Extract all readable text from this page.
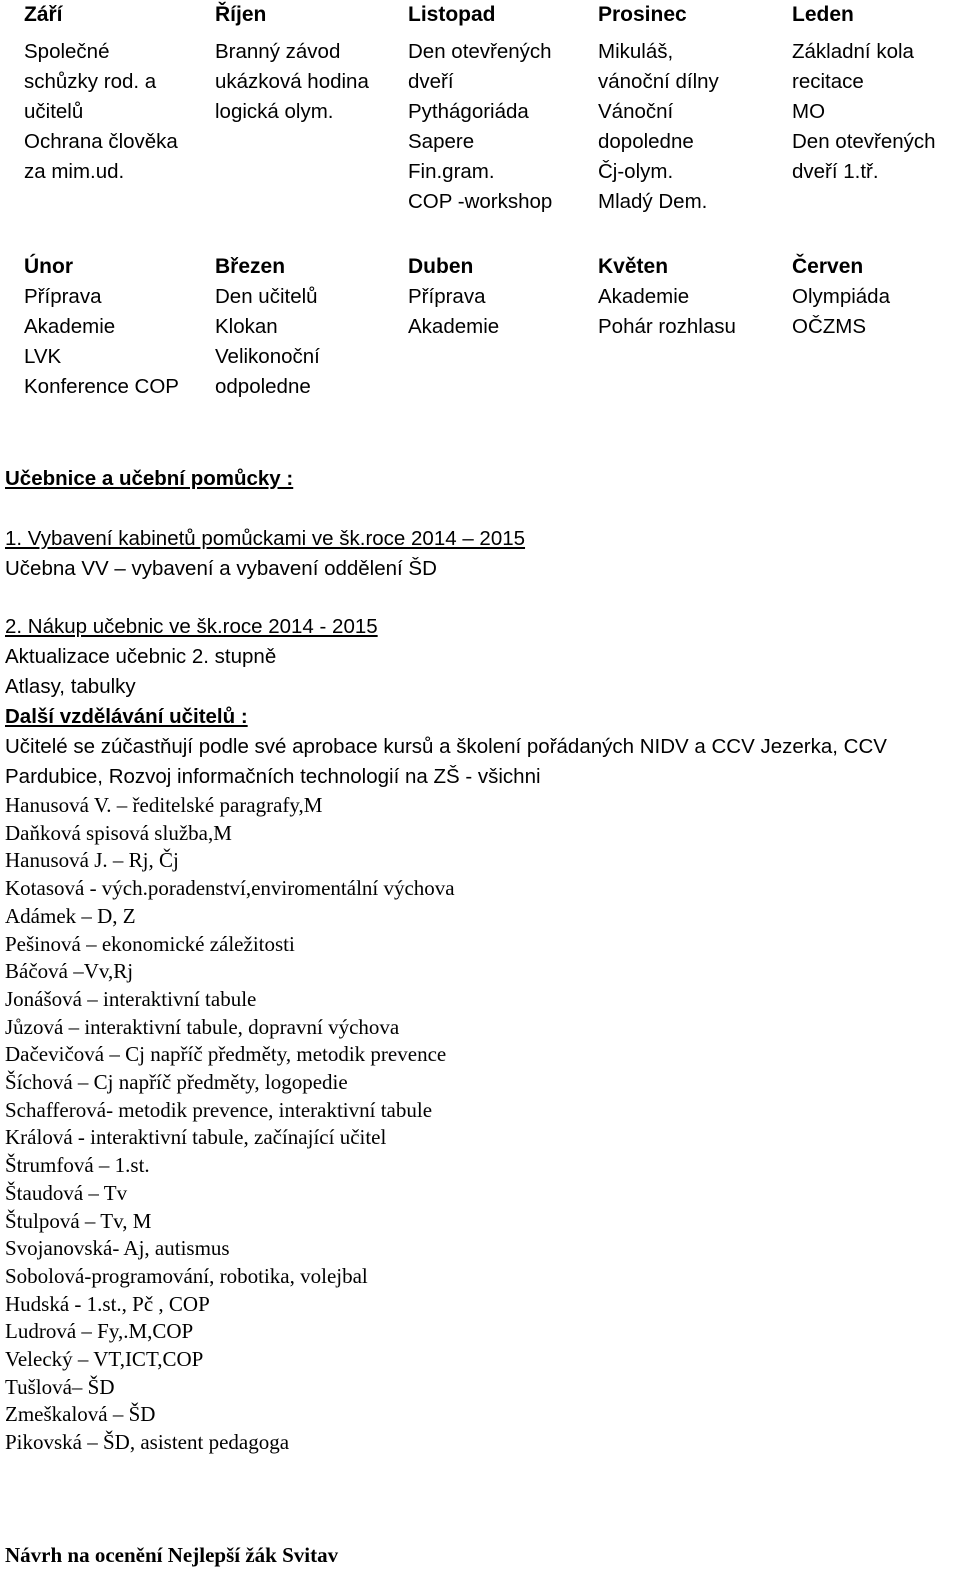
Září
Společné
schůzky rod. a
učitelů
Ochrana člověka
za mim.ud.
Říjen
Branný závod
ukázková hodina
logická olym.
Listopad
Den otevřených
dveří
Pythágoriáda
Sapere
Fin.gram.
COP -workshop
Prosinec
Mikuláš,
vánoční dílny
Vánoční
dopoledne
Čj-olym.
Mladý Dem.
Leden
Základní kola
recitace
MO
Den otevřených
dveří 1.tř.
Únor
Příprava
Akademie
LVK
Konference COP
Březen
Den učitelů
Klokan
Velikonoční
odpoledne
Duben
Příprava
Akademie
Květen
Akademie
Pohár rozhlasu
Červen
Olympiáda
OČZMS
Učebnice a učební pomůcky :
1. Vybavení kabinetů pomůckami ve šk.roce 2014 – 2015
Učebna VV – vybavení a vybavení oddělení ŠD
2. Nákup učebnic ve šk.roce 2014 - 2015
Aktualizace učebnic 2. stupně
Atlasy, tabulky
Další vzdělávání učitelů :
Učitelé se zúčastňují podle své aprobace kursů a školení pořádaných NIDV a CCV Jezerka, CCV
Pardubice, Rozvoj informačních technologií na ZŠ - všichni
Hanusová V. – ředitelské paragrafy,M
Daňková spisová služba,M
Hanusová J. – Rj, Čj
Kotasová - vých.poradenství,enviromentální výchova
Adámek – D, Z
Pešinová – ekonomické záležitosti
Báčová –Vv,Rj
Jonášová – interaktivní tabule
Jůzová – interaktivní tabule, dopravní výchova
Dačevičová – Cj napříč předměty, metodik prevence
Šíchová – Cj napříč předměty, logopedie
Schafferová- metodik prevence, interaktivní tabule
Králová - interaktivní tabule, začínající učitel
Štrumfová – 1.st.
Štaudová – Tv
Štulpová – Tv, M
Svojanovská- Aj, autismus
Sobolová-programování, robotika, volejbal
Hudská - 1.st., Pč , COP
Ludrová – Fy,.M,COP
Velecký – VT,ICT,COP
Tušlová– ŠD
Zmeškalová – ŠD
Pikovská – ŠD, asistent pedagoga
Návrh na ocenění Nejlepší žák Svitav
